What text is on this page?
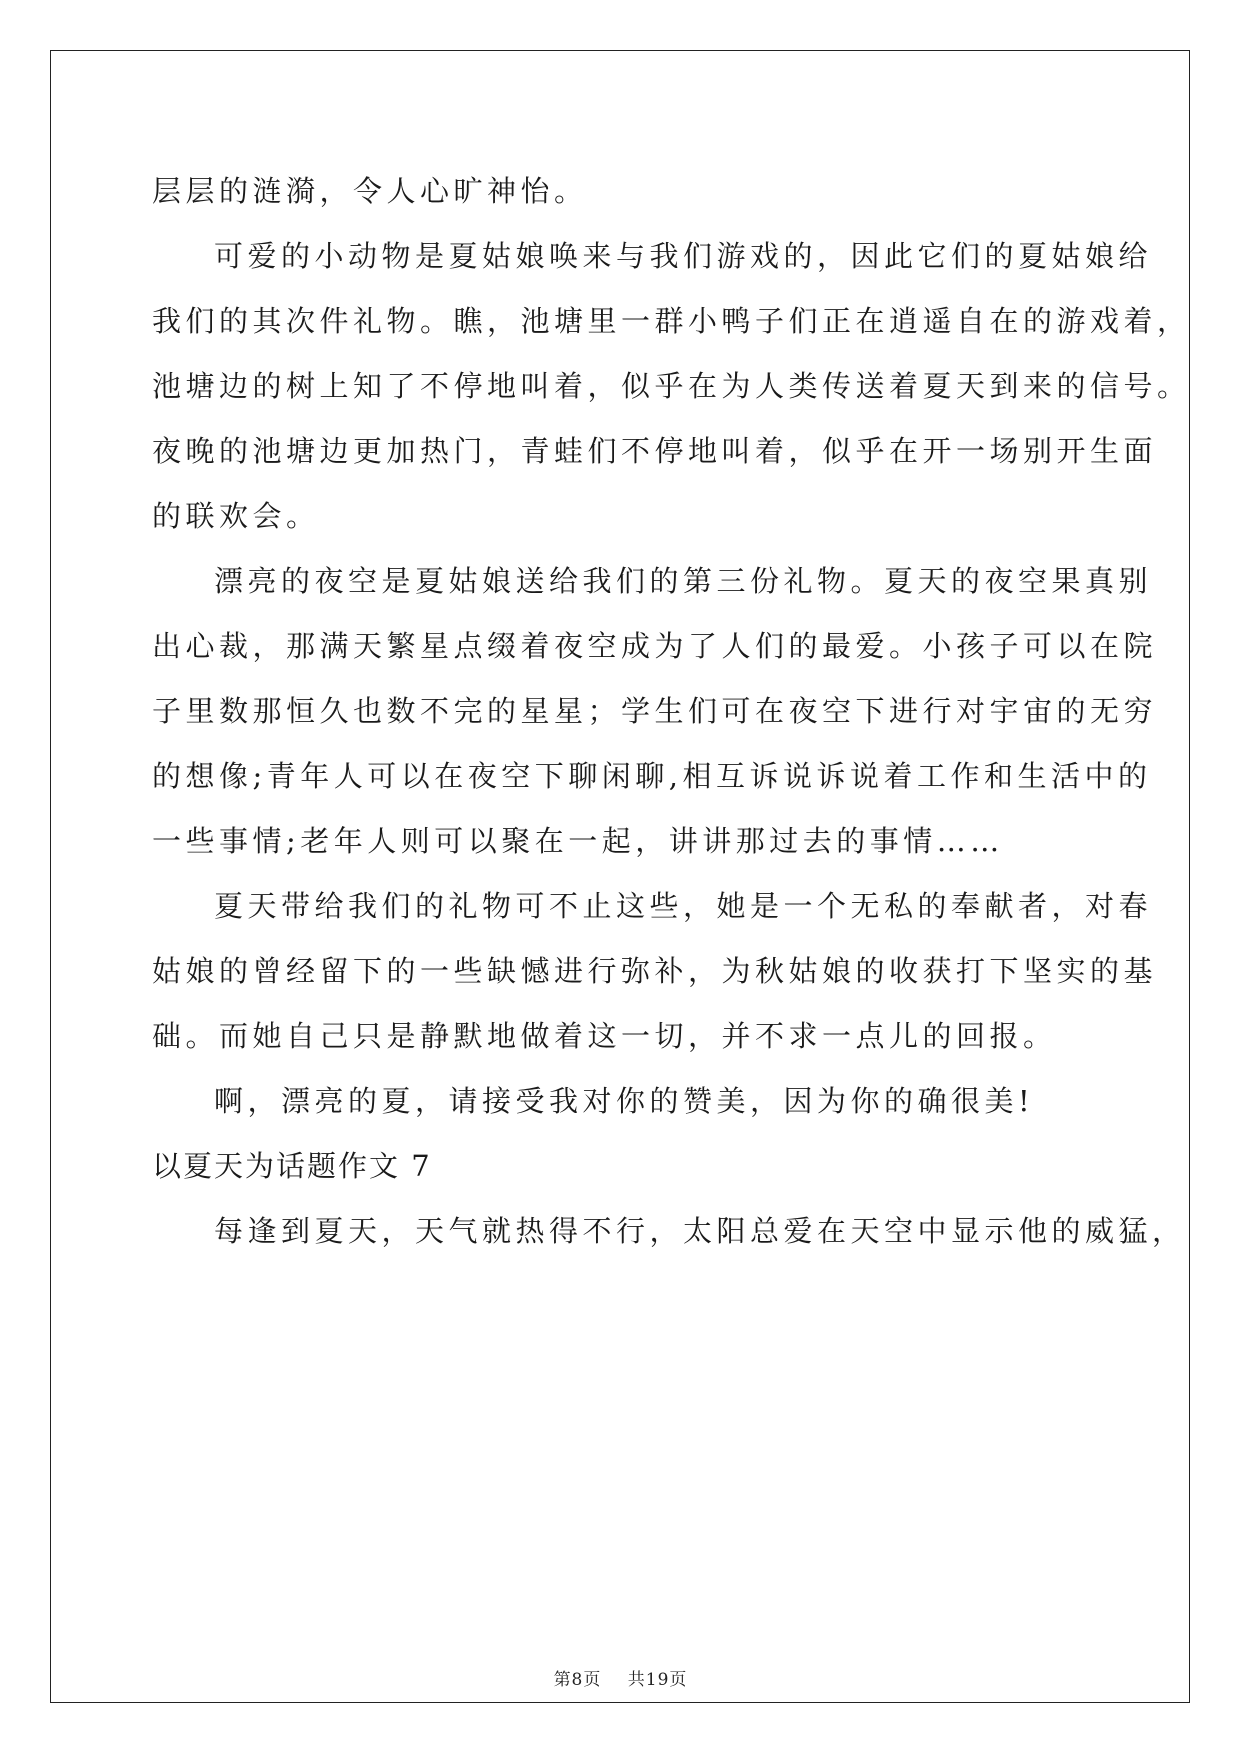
层层的涟漪，令人心旷神怡。

可爱的小动物是夏姑娘唤来与我们游戏的，因此它们的夏姑娘给

我们的其次件礼物。瞧，池塘里一群小鸭子们正在逍遥自在的游戏着，

池塘边的树上知了不停地叫着，似乎在为人类传送着夏天到来的信号。

夜晚的池塘边更加热门，青蛙们不停地叫着，似乎在开一场别开生面

的联欢会。

漂亮的夜空是夏姑娘送给我们的第三份礼物。夏天的夜空果真别

出心裁，那满天繁星点缀着夜空成为了人们的最爱。小孩子可以在院

子里数那恒久也数不完的星星；学生们可在夜空下进行对宇宙的无穷

的想像;青年人可以在夜空下聊闲聊,相互诉说诉说着工作和生活中的

一些事情;老年人则可以聚在一起，讲讲那过去的事情……

夏天带给我们的礼物可不止这些，她是一个无私的奉献者，对春

姑娘的曾经留下的一些缺憾进行弥补，为秋姑娘的收获打下坚实的基

础。而她自己只是静默地做着这一切，并不求一点儿的回报。

啊，漂亮的夏，请接受我对你的赞美，因为你的确很美!

以夏天为话题作文 7

每逢到夏天，天气就热得不行，太阳总爱在天空中显示他的威猛，

第8页 共19页
